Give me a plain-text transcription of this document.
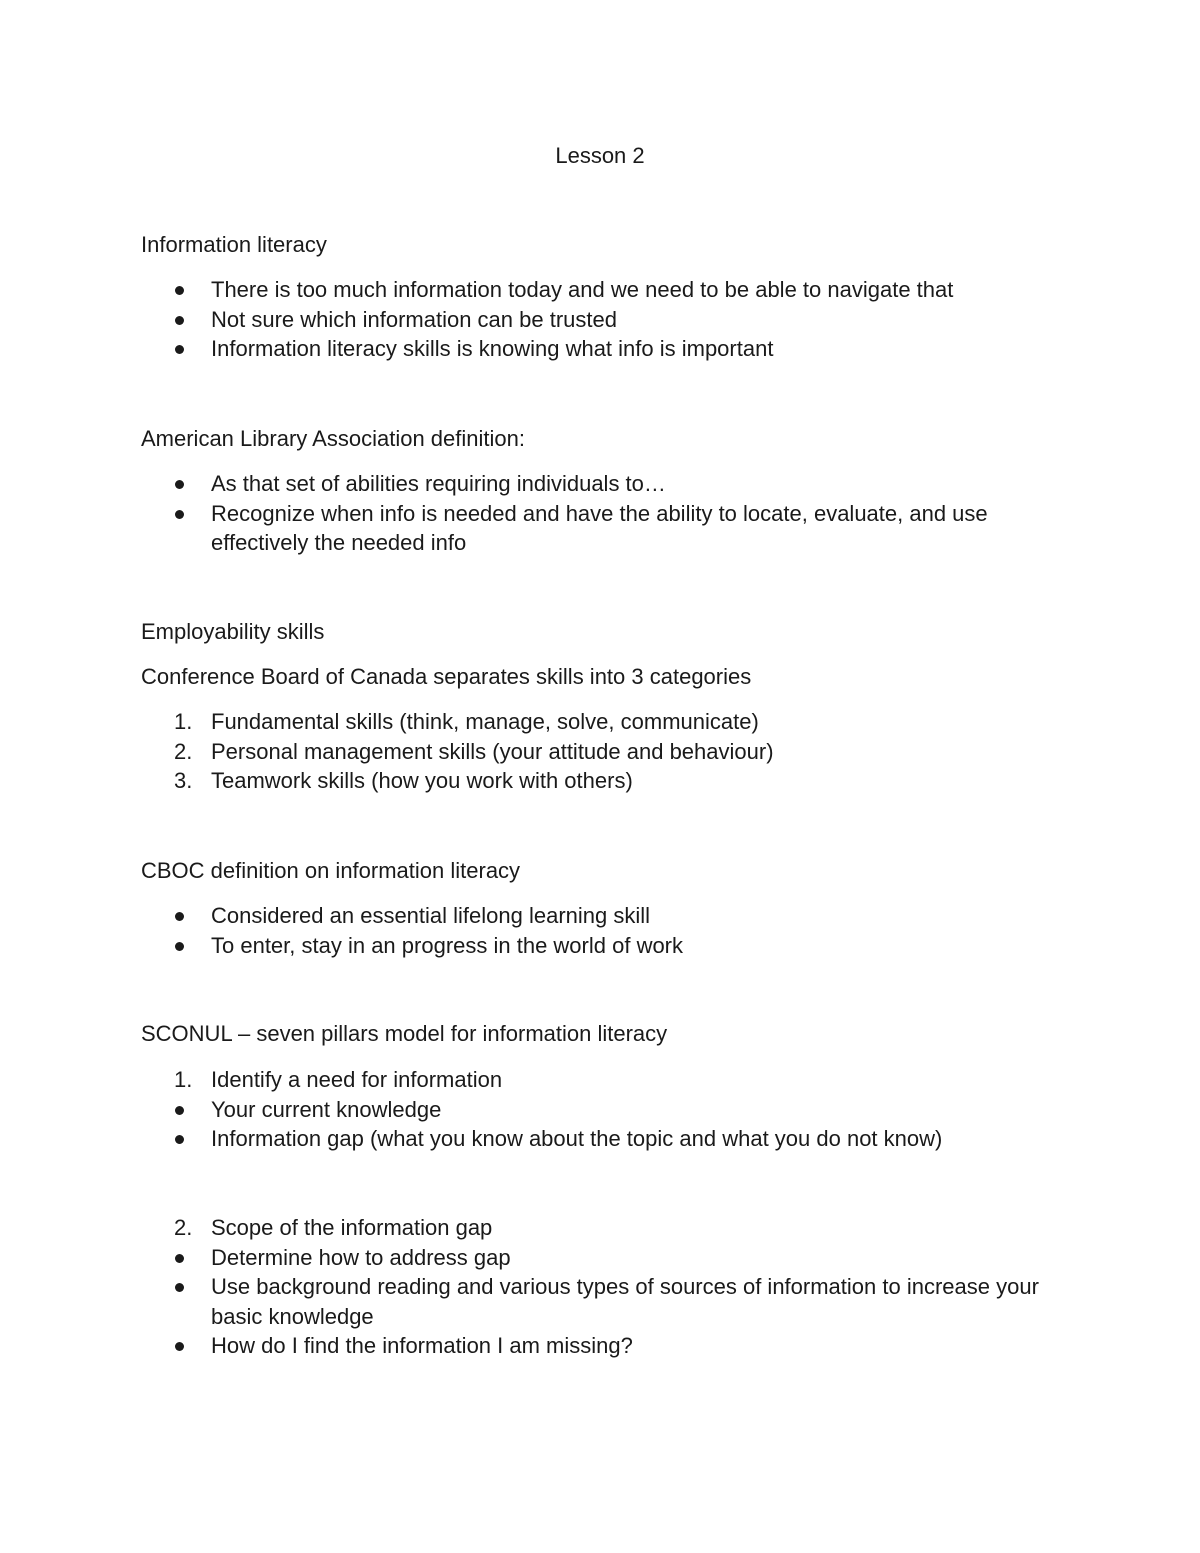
Lesson 2
Information literacy
There is too much information today and we need to be able to navigate that
Not sure which information can be trusted
Information literacy skills is knowing what info is important
American Library Association definition:
As that set of abilities requiring individuals to…
Recognize when info is needed and have the ability to locate, evaluate, and use effectively the needed info
Employability skills
Conference Board of Canada separates skills into 3 categories
1. Fundamental skills (think, manage, solve, communicate)
2. Personal management skills (your attitude and behaviour)
3. Teamwork skills (how you work with others)
CBOC definition on information literacy
Considered an essential lifelong learning skill
To enter, stay in an progress in the world of work
SCONUL – seven pillars model for information literacy
1. Identify a need for information
Your current knowledge
Information gap (what you know about the topic and what you do not know)
2. Scope of the information gap
Determine how to address gap
Use background reading and various types of sources of information to increase your basic knowledge
How do I find the information I am missing?
